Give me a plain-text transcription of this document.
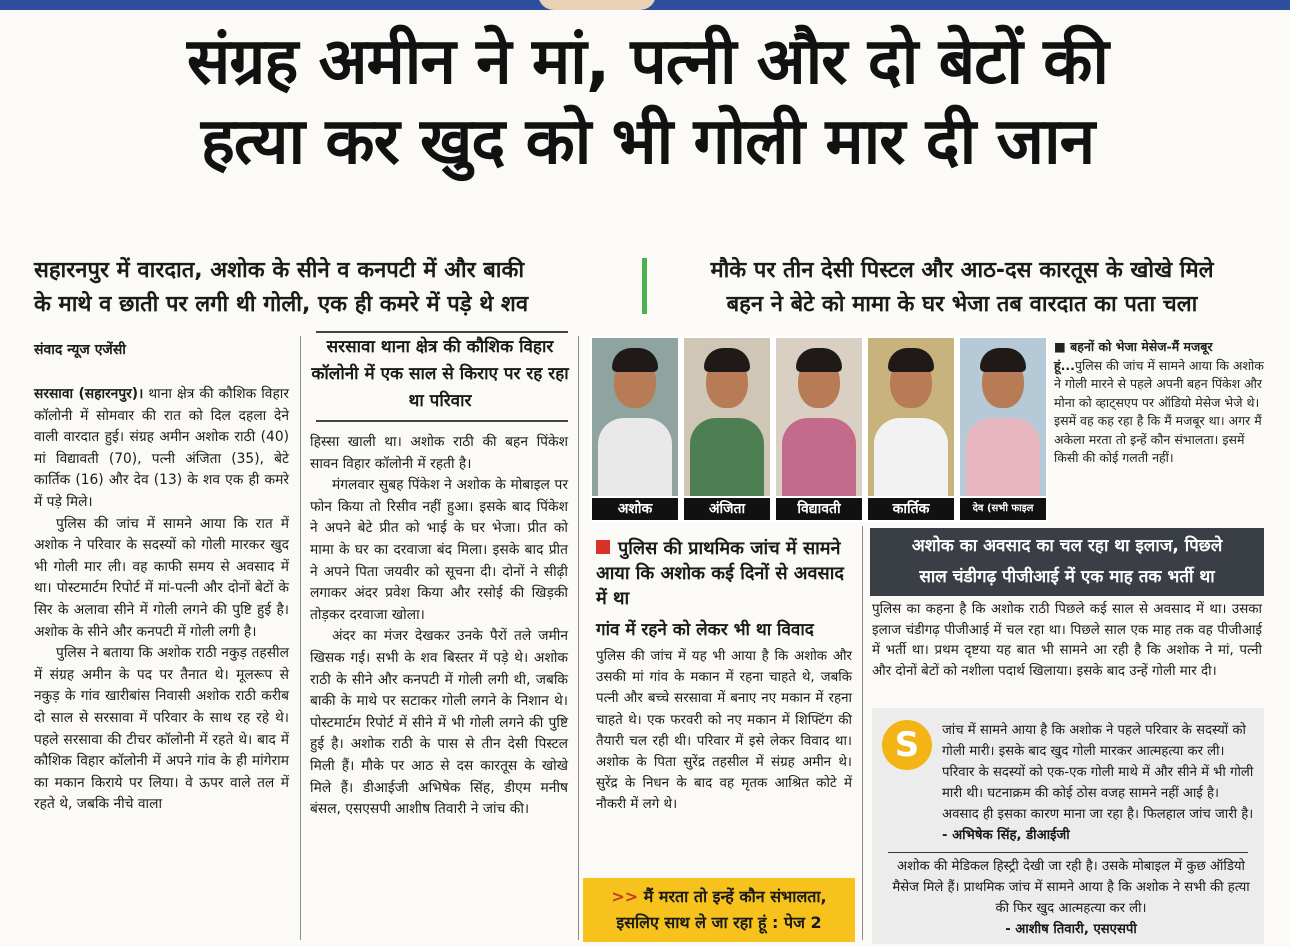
संग्रह अमीन ने मां, पत्नी और दो बेटों की
हत्या कर खुद को भी गोली मार दी जान
सहारनपुर में वारदात, अशोक के सीने व कनपटी में और बाकी
के माथे व छाती पर लगी थी गोली, एक ही कमरे में पड़े थे शव
मौके पर तीन देसी पिस्टल और आठ-दस कारतूस के खोखे मिले
बहन ने बेटे को मामा के घर भेजा तब वारदात का पता चला
संवाद न्यूज एजेंसी

सरसावा (सहारनपुर)। थाना क्षेत्र की कौशिक विहार कॉलोनी में सोमवार की रात को दिल दहला देने वाली वारदात हुई। संग्रह अमीन अशोक राठी (40) मां विद्यावती (70), पत्नी अंजिता (35), बेटे कार्तिक (16) और देव (13) के शव एक ही कमरे में पड़े मिले।

पुलिस की जांच में सामने आया कि रात में अशोक ने परिवार के सदस्यों को गोली मारकर खुद भी गोली मार ली। वह काफी समय से अवसाद में था। पोस्टमार्टम रिपोर्ट में मां-पत्नी और दोनों बेटों के सिर के अलावा सीने में गोली लगने की पुष्टि हुई है। अशोक के सीने और कनपटी में गोली लगी है।

पुलिस ने बताया कि अशोक राठी नकुड़ तहसील में संग्रह अमीन के पद पर तैनात थे। मूलरूप से नकुड़ के गांव खारीबांस निवासी अशोक राठी करीब दो साल से सरसावा में परिवार के साथ रह रहे थे। पहले सरसावा की टीचर कॉलोनी में रहते थे। बाद में कौशिक विहार कॉलोनी में अपने गांव के ही मांगेराम का मकान किराये पर लिया। वे ऊपर वाले तल में रहते थे, जबकि नीचे वाला

सरसावा थाना क्षेत्र की कौशिक विहार कॉलोनी में एक साल से किराए पर रह रहा था परिवार

हिस्सा खाली था। अशोक राठी की बहन पिंकेश सावन विहार कॉलोनी में रहती है।

मंगलवार सुबह पिंकेश ने अशोक के मोबाइल पर फोन किया तो रिसीव नहीं हुआ। इसके बाद पिंकेश ने अपने बेटे प्रीत को भाई के घर भेजा। प्रीत को मामा के घर का दरवाजा बंद मिला। इसके बाद प्रीत ने अपने पिता जयवीर को सूचना दी। दोनों ने सीढ़ी लगाकर अंदर प्रवेश किया और रसोई की खिड़की तोड़कर दरवाजा खोला।

अंदर का मंजर देखकर उनके पैरों तले जमीन खिसक गई। सभी के शव बिस्तर में पड़े थे। अशोक राठी के सीने और कनपटी में गोली लगी थी, जबकि बाकी के माथे पर सटाकर गोली लगने के निशान थे। पोस्टमार्टम रिपोर्ट में सीने में भी गोली लगने की पुष्टि हुई है। अशोक राठी के पास से तीन देसी पिस्टल मिली हैं। मौके पर आठ से दस कारतूस के खोखे मिले हैं। डीआईजी अभिषेक सिंह, डीएम मनीष बंसल, एसएसपी आशीष तिवारी ने जांच की।

अशोक	अंजिता	विद्यावती	कार्तिक	देव (सभी फाइल
■ बहनों को भेजा मेसेज-मैं मजबूर हूं...पुलिस की जांच में सामने आया कि अशोक ने गोली मारने से पहले अपनी बहन पिंकेश और मोना को व्हाट्सएप पर ऑडियो मेसेज भेजे थे। इसमें वह कह रहा है कि मैं मजबूर था। अगर मैं अकेला मरता तो इन्हें कौन संभालता। इसमें किसी की कोई गलती नहीं।
पुलिस की प्राथमिक जांच में सामने आया कि अशोक कई दिनों से अवसाद में था
गांव में रहने को लेकर भी था विवाद

पुलिस की जांच में यह भी आया है कि अशोक और उसकी मां गांव के मकान में रहना चाहते थे, जबकि पत्नी और बच्चे सरसावा में बनाए नए मकान में रहना चाहते थे। एक फरवरी को नए मकान में शिफ्टिंग की तैयारी चल रही थी। परिवार में इसे लेकर विवाद था। अशोक के पिता सुरेंद्र तहसील में संग्रह अमीन थे। सुरेंद्र के निधन के बाद वह मृतक आश्रित कोटे में नौकरी में लगे थे।

>> मैं मरता तो इन्हें कौन संभालता,
इसलिए साथ ले जा रहा हूं : पेज 2
अशोक का अवसाद का चल रहा था इलाज, पिछले
साल चंडीगढ़ पीजीआई में एक माह तक भर्ती था

पुलिस का कहना है कि अशोक राठी पिछले कई साल से अवसाद में था। उसका इलाज चंडीगढ़ पीजीआई में चल रहा था। पिछले साल एक माह तक वह पीजीआई में भर्ती था। प्रथम दृष्टया यह बात भी सामने आ रही है कि अशोक ने मां, पत्नी और दोनों बेटों को नशीला पदार्थ खिलाया। इसके बाद उन्हें गोली मार दी।

S	जांच में सामने आया है कि अशोक ने पहले परिवार के सदस्यों को गोली मारी। इसके बाद खुद गोली मारकर आत्महत्या कर ली। परिवार के सदस्यों को एक-एक गोली माथे में और सीने में भी गोली मारी थी। घटनाक्रम की कोई ठोस वजह सामने नहीं आई है। अवसाद ही इसका कारण माना जा रहा है। फिलहाल जांच जारी है। - अभिषेक सिंह, डीआईजी
अशोक की मेडिकल हिस्ट्री देखी जा रही है। उसके मोबाइल में कुछ ऑडियो मैसेज मिले हैं। प्राथमिक जांच में सामने आया है कि अशोक ने सभी की हत्या की फिर खुद आत्महत्या कर ली।
- आशीष तिवारी, एसएसपी
